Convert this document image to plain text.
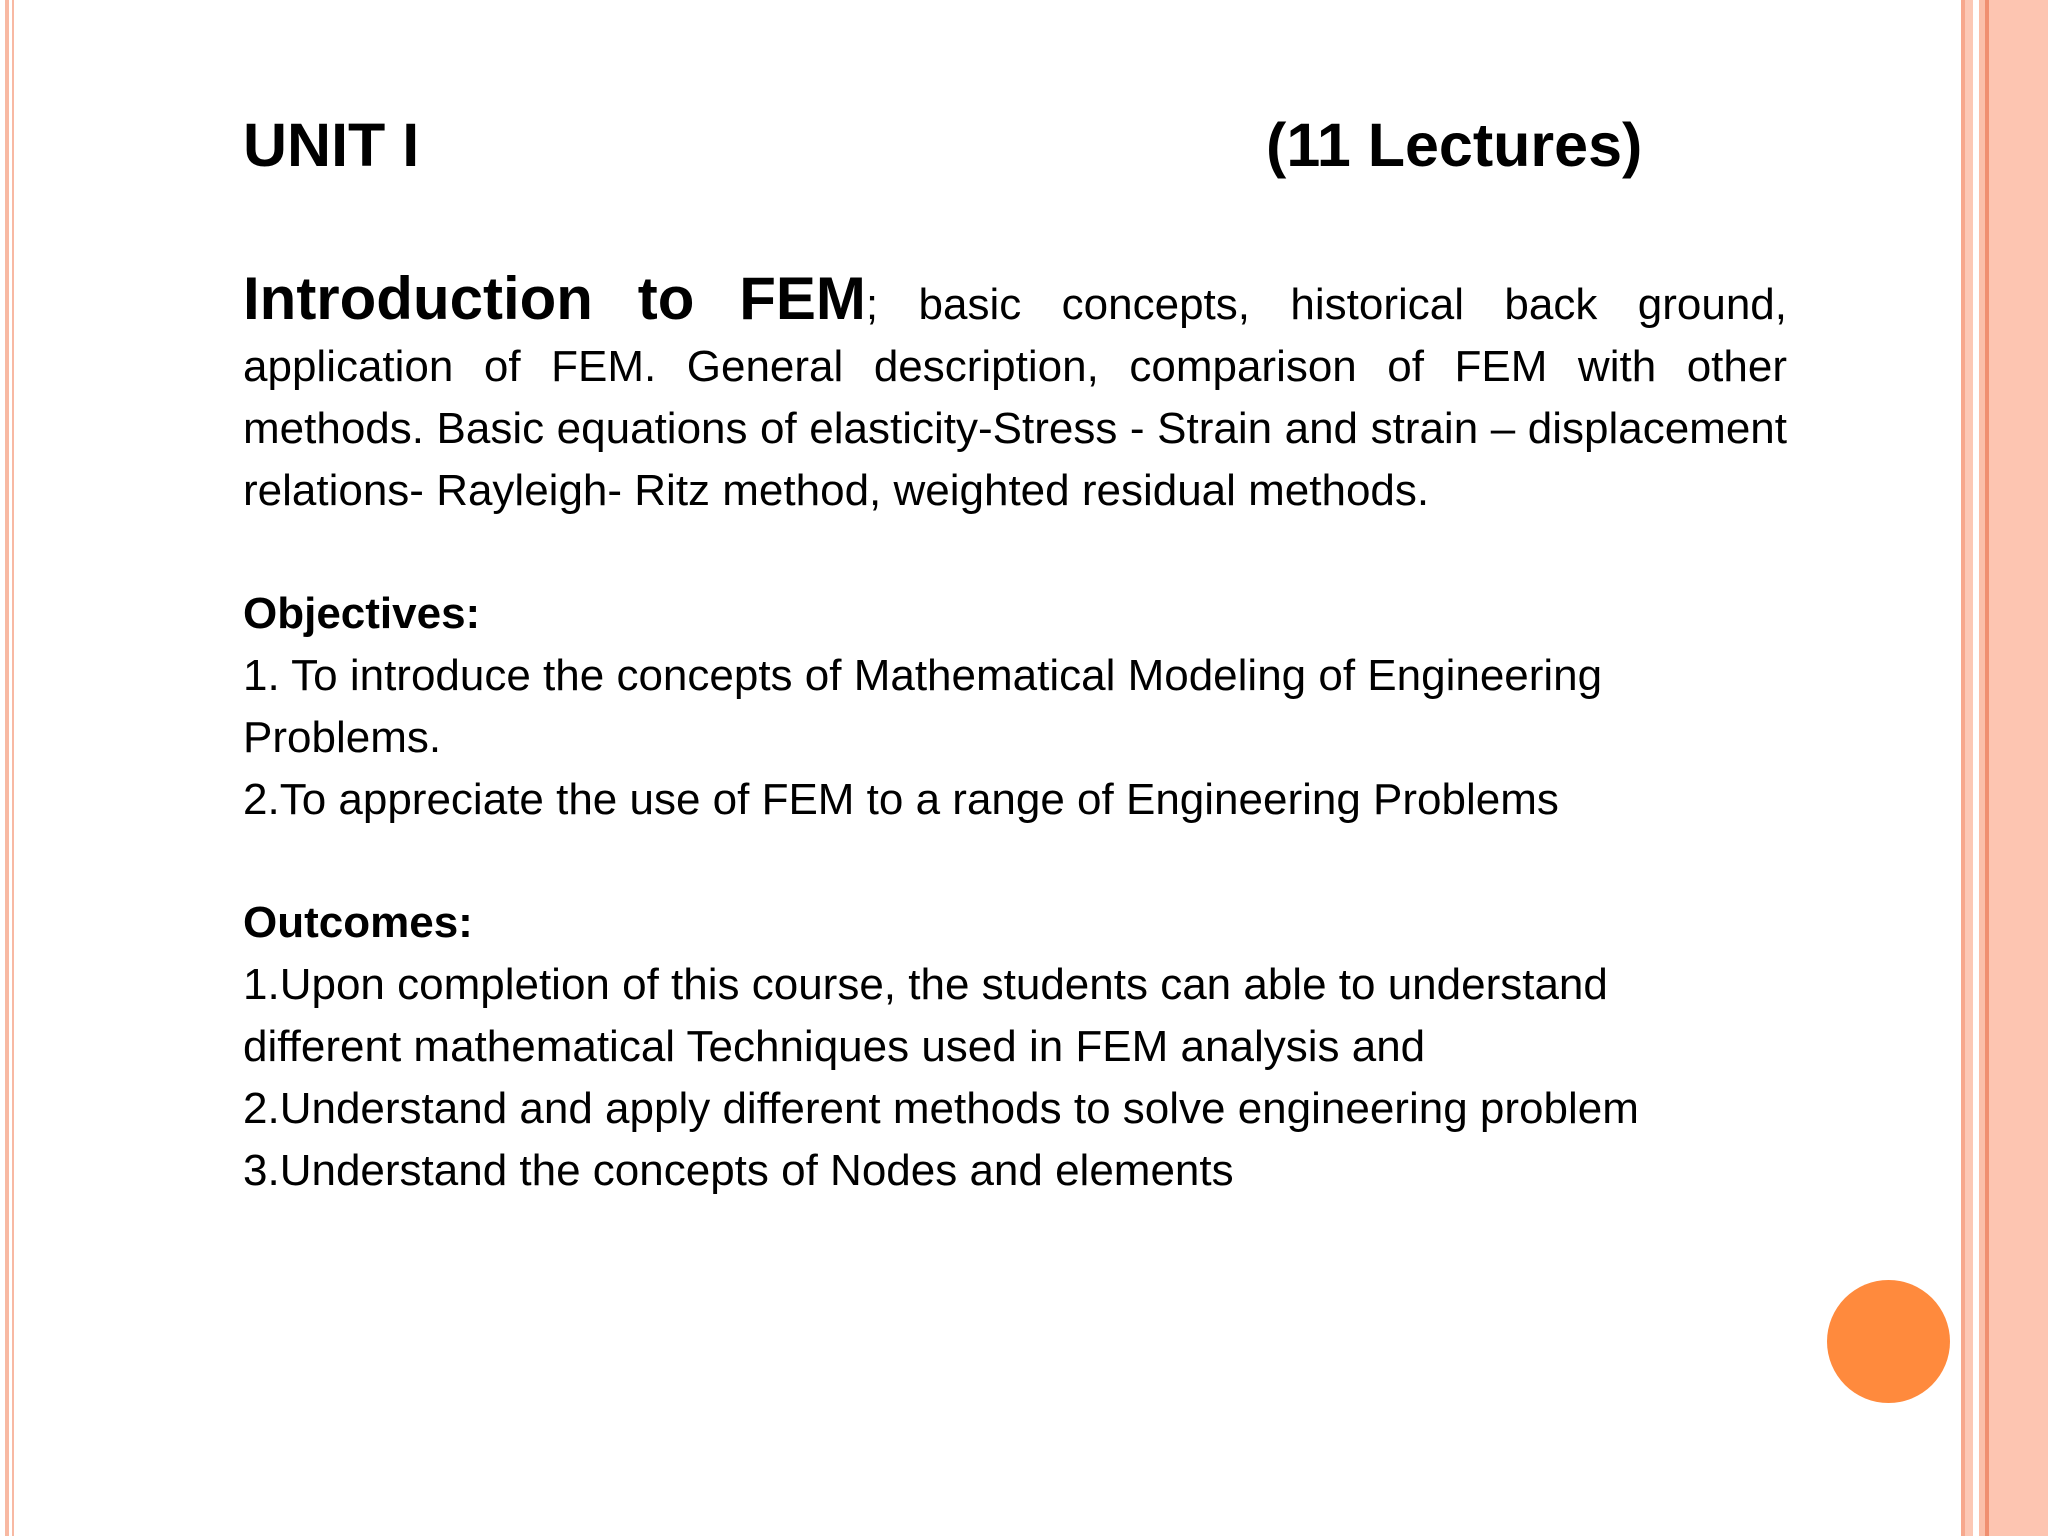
UNIT I	(11 Lectures)
Introduction to FEM; basic concepts, historical back ground, application of FEM. General description, comparison of FEM with other methods. Basic equations of elasticity-Stress - Strain and strain – displacement relations- Rayleigh- Ritz method, weighted residual methods.
Objectives:
1. To introduce the concepts of Mathematical Modeling of Engineering Problems.
2.To appreciate the use of FEM to a range of Engineering Problems
Outcomes:
1.Upon completion of this course, the students can able to understand different mathematical Techniques used in FEM analysis and
2.Understand and apply different methods to solve engineering problem
3.Understand the concepts of Nodes and elements
